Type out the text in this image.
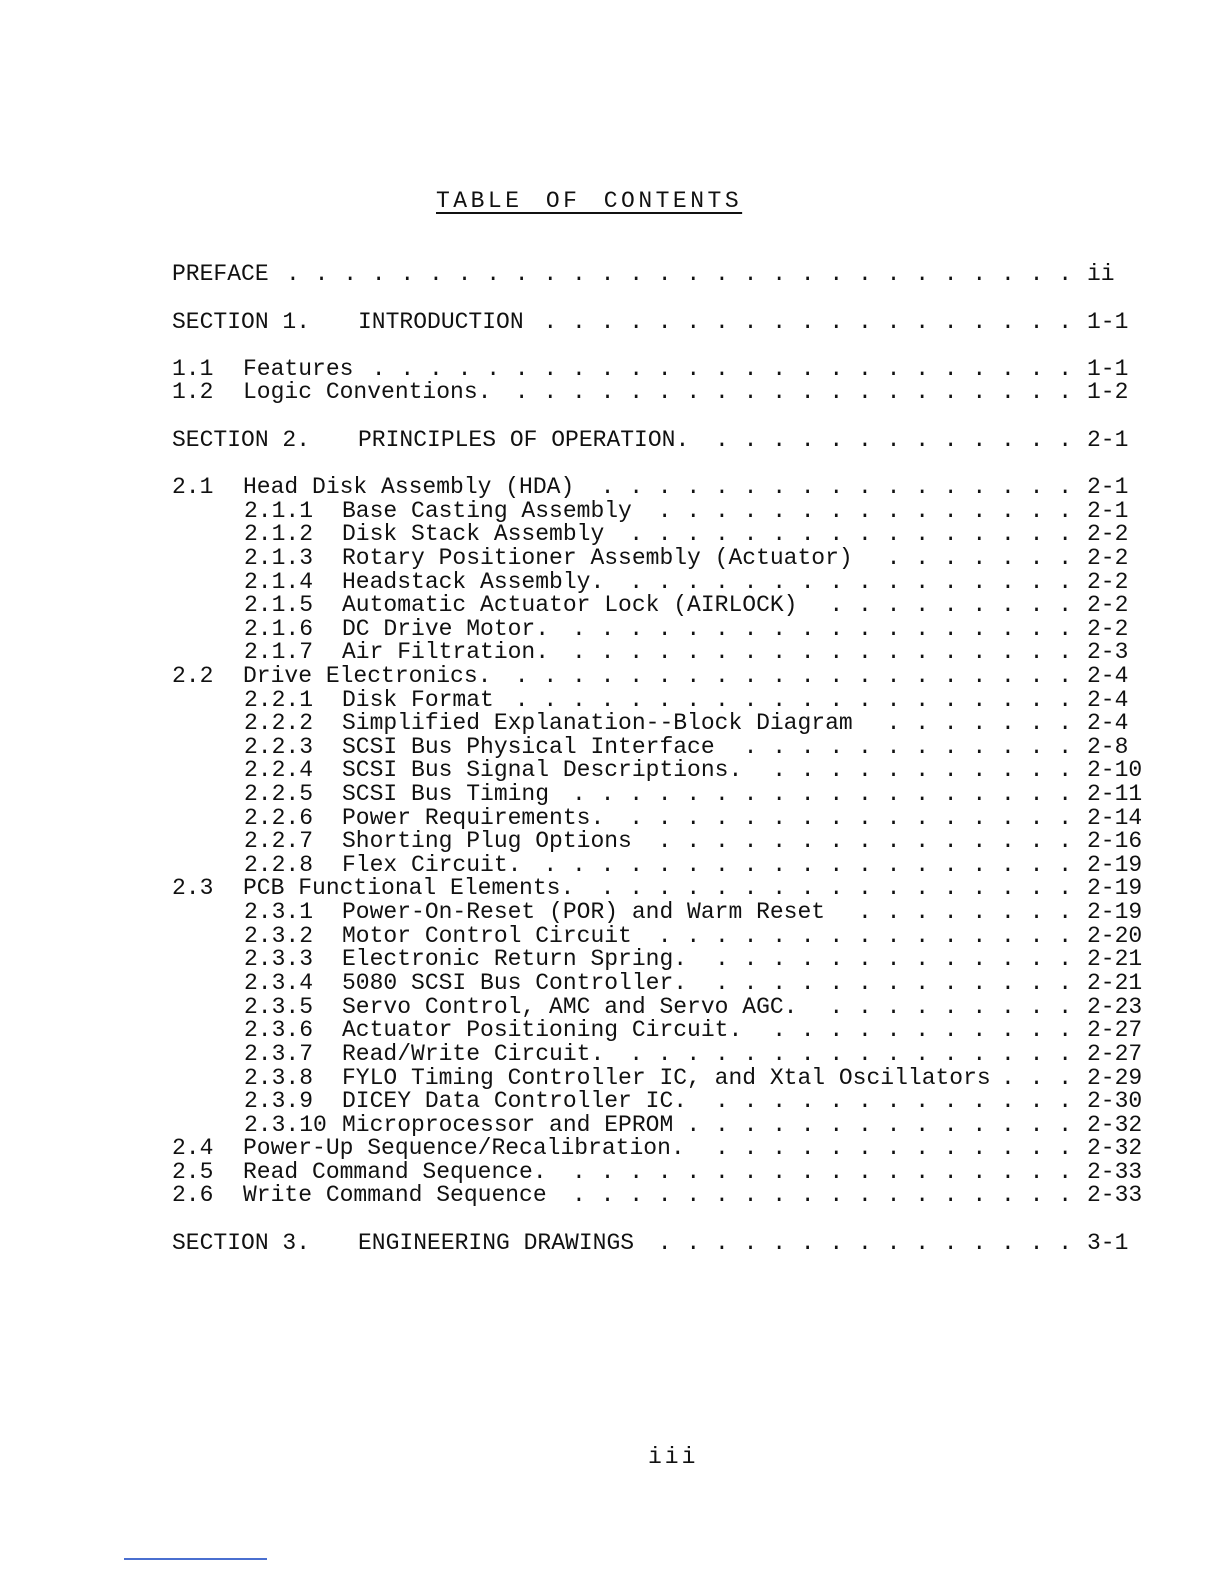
TABLE OF CONTENTS
PREFACE	ii
. . . . . . . . . . . . . . . . . . . . . . . . . . . .
SECTION 1. INTRODUCTION	1-1
. . . . . . . . . . . . . . . . . . .
1.1 Features	1-1
. . . . . . . . . . . . . . . . . . . . . . . . .
1.2 Logic Conventions.	1-2
. . . . . . . . . . . . . . . . . . . .
SECTION 2. PRINCIPLES OF OPERATION.	2-1
. . . . . . . . . . . . .
2.1 Head Disk Assembly (HDA)	2-1
. . . . . . . . . . . . . . . . .
2.1.1 Base Casting Assembly	2-1
. . . . . . . . . . . . . . .
2.1.2 Disk Stack Assembly	2-2
. . . . . . . . . . . . . . . .
2.1.3 Rotary Positioner Assembly (Actuator)	2-2
. . . . . . .
2.1.4 Headstack Assembly.	2-2
. . . . . . . . . . . . . . . .
2.1.5 Automatic Actuator Lock (AIRLOCK)	2-2
. . . . . . . . .
2.1.6 DC Drive Motor.	2-2
. . . . . . . . . . . . . . . . . .
2.1.7 Air Filtration.	2-3
. . . . . . . . . . . . . . . . . .
2.2 Drive Electronics.	2-4
. . . . . . . . . . . . . . . . . . . .
2.2.1 Disk Format	2-4
. . . . . . . . . . . . . . . . . . . .
2.2.2 Simplified Explanation--Block Diagram	2-4
. . . . . . .
2.2.3 SCSI Bus Physical Interface	2-8
. . . . . . . . . . . .
2.2.4 SCSI Bus Signal Descriptions.	2-10
. . . . . . . . . . .
2.2.5 SCSI Bus Timing	2-11
. . . . . . . . . . . . . . . . . .
2.2.6 Power Requirements.	2-14
. . . . . . . . . . . . . . . .
2.2.7 Shorting Plug Options	2-16
. . . . . . . . . . . . . . .
2.2.8 Flex Circuit.	2-19
. . . . . . . . . . . . . . . . . . .
2.3 PCB Functional Elements.	2-19
. . . . . . . . . . . . . . . . .
2.3.1 Power-On-Reset (POR) and Warm Reset	2-19
. . . . . . . .
2.3.2 Motor Control Circuit	2-20
. . . . . . . . . . . . . . .
2.3.3 Electronic Return Spring.	2-21
. . . . . . . . . . . . .
2.3.4 5080 SCSI Bus Controller.	2-21
. . . . . . . . . . . . .
2.3.5 Servo Control, AMC and Servo AGC.	2-23
. . . . . . . . .
2.3.6 Actuator Positioning Circuit.	2-27
. . . . . . . . . . .
2.3.7 Read/Write Circuit.	2-27
. . . . . . . . . . . . . . . .
2.3.8 FYLO Timing Controller IC, and Xtal Oscillators	2-29
. . .
2.3.9 DICEY Data Controller IC.	2-30
. . . . . . . . . . . . .
2.3.10 Microprocessor and EPROM	2-32
. . . . . . . . . . . . . .
2.4 Power-Up Sequence/Recalibration.	2-32
. . . . . . . . . . . . .
2.5 Read Command Sequence.	2-33
. . . . . . . . . . . . . . . . . .
2.6 Write Command Sequence	2-33
. . . . . . . . . . . . . . . . . .
SECTION 3. ENGINEERING DRAWINGS	3-1
. . . . . . . . . . . . . . .
iii
